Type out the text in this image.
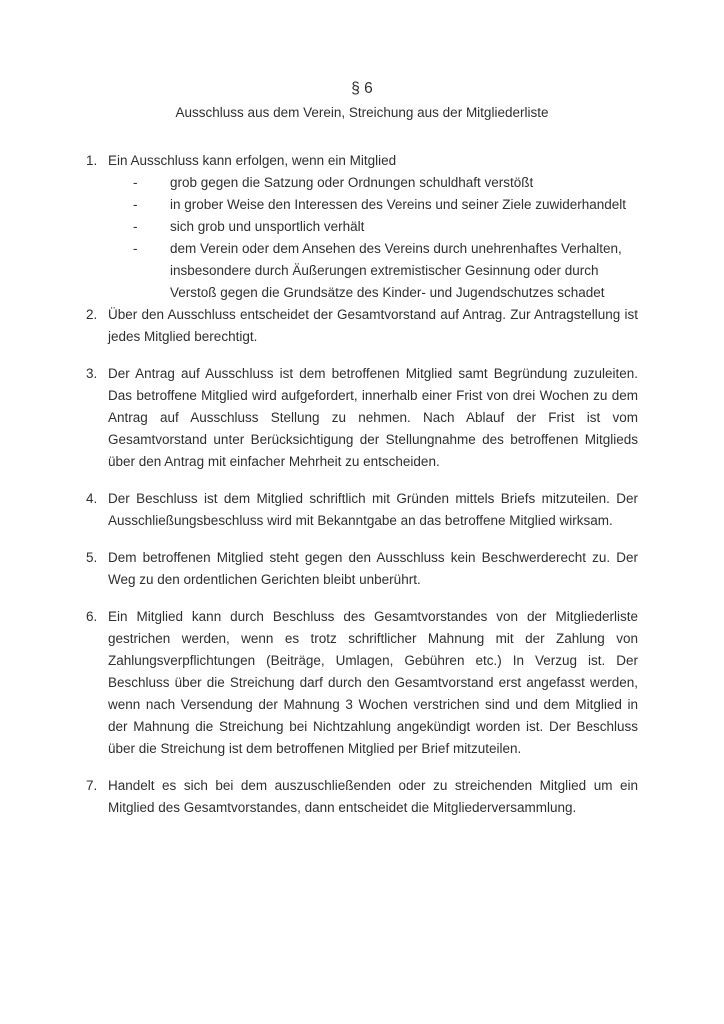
§ 6
Ausschluss aus dem Verein, Streichung aus der Mitgliederliste
1. Ein Ausschluss kann erfolgen, wenn ein Mitglied
-	grob gegen die Satzung oder Ordnungen schuldhaft verstößt
-	in grober Weise den Interessen des Vereins und seiner Ziele zuwiderhandelt
-	sich grob und unsportlich verhält
-	dem Verein oder dem Ansehen des Vereins durch unehrenhaftes Verhalten, insbesondere durch Äußerungen extremistischer Gesinnung oder durch Verstoß gegen die Grundsätze des Kinder- und Jugendschutzes schadet
2. Über den Ausschluss entscheidet der Gesamtvorstand auf Antrag. Zur Antragstellung ist jedes Mitglied berechtigt.
3. Der Antrag auf Ausschluss ist dem betroffenen Mitglied samt Begründung zuzuleiten. Das betroffene Mitglied wird aufgefordert, innerhalb einer Frist von drei Wochen zu dem Antrag auf Ausschluss Stellung zu nehmen. Nach Ablauf der Frist ist vom Gesamtvorstand unter Berücksichtigung der Stellungnahme des betroffenen Mitglieds über den Antrag mit einfacher Mehrheit zu entscheiden.
4. Der Beschluss ist dem Mitglied schriftlich mit Gründen mittels Briefs mitzuteilen. Der Ausschließungsbeschluss wird mit Bekanntgabe an das betroffene Mitglied wirksam.
5. Dem betroffenen Mitglied steht gegen den Ausschluss kein Beschwerderecht zu. Der Weg zu den ordentlichen Gerichten bleibt unberührt.
6. Ein Mitglied kann durch Beschluss des Gesamtvorstandes von der Mitgliederliste gestrichen werden, wenn es trotz schriftlicher Mahnung mit der Zahlung von Zahlungsverpflichtungen (Beiträge, Umlagen, Gebühren etc.) In Verzug ist. Der Beschluss über die Streichung darf durch den Gesamtvorstand erst angefasst werden, wenn nach Versendung der Mahnung 3 Wochen verstrichen sind und dem Mitglied in der Mahnung die Streichung bei Nichtzahlung angekündigt worden ist. Der Beschluss über die Streichung ist dem betroffenen Mitglied per Brief mitzuteilen.
7. Handelt es sich bei dem auszuschließenden oder zu streichenden Mitglied um ein Mitglied des Gesamtvorstandes, dann entscheidet die Mitgliederversammlung.
